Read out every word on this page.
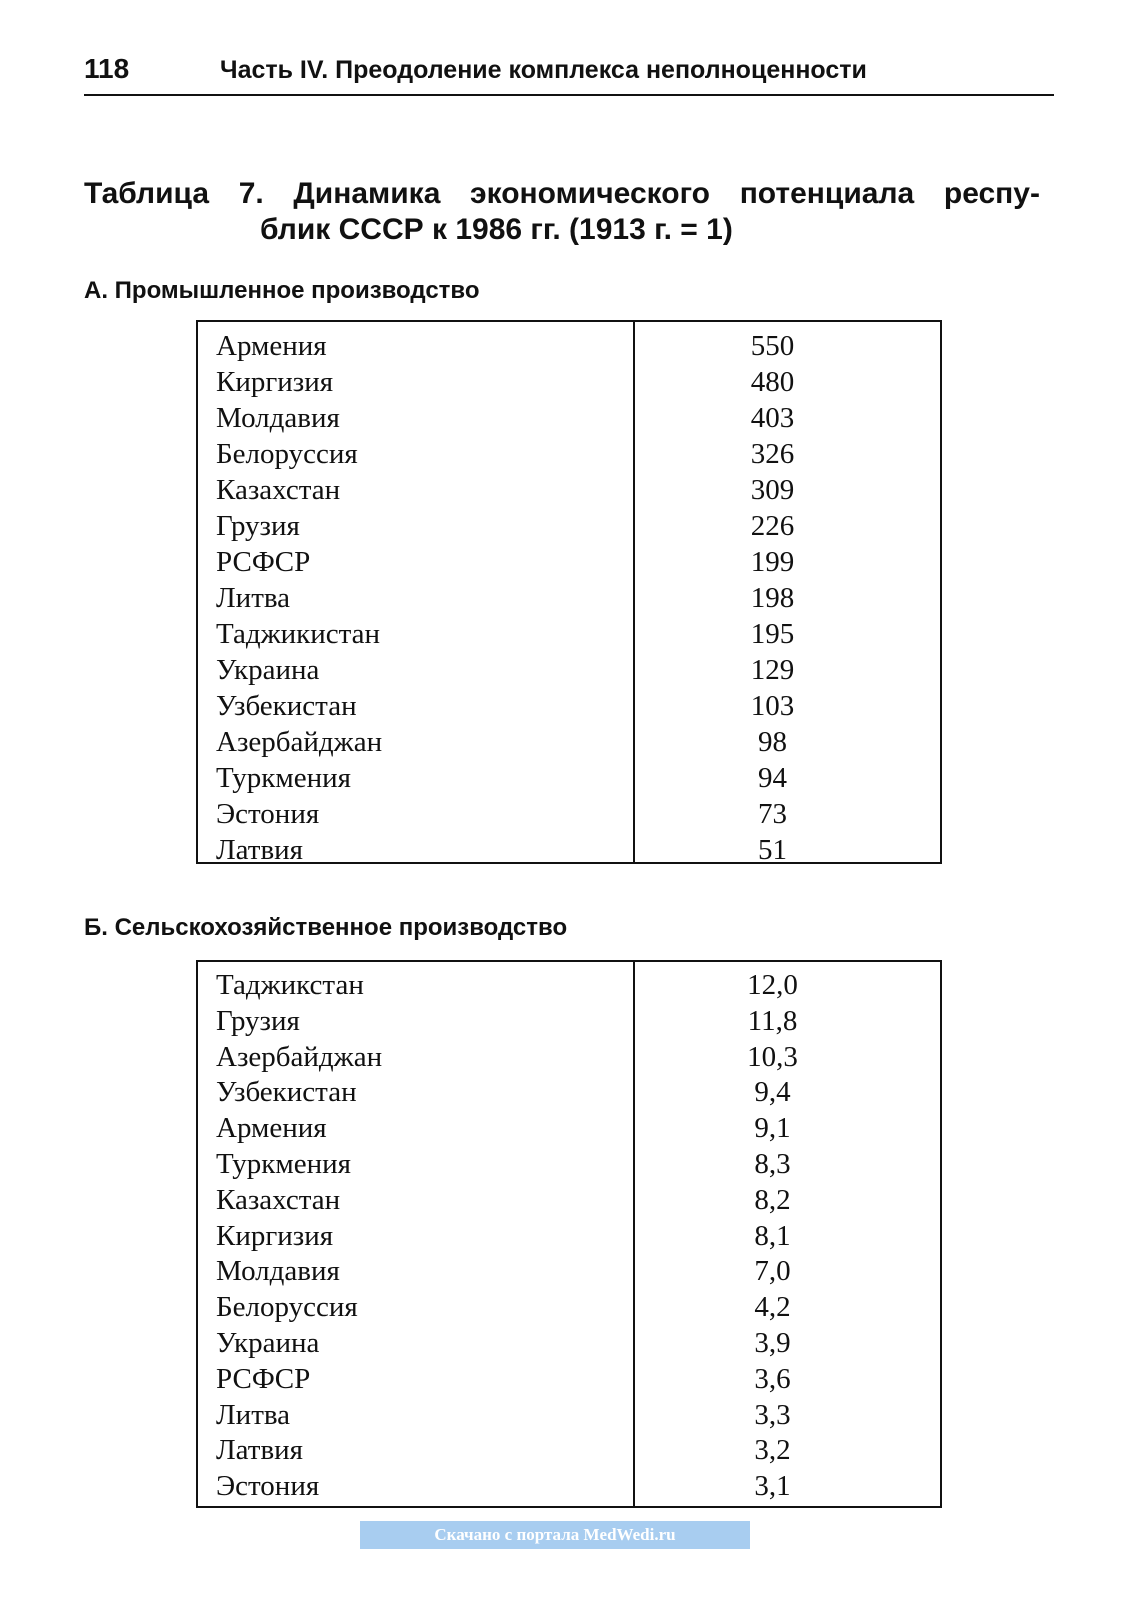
118	Часть IV. Преодоление комплекса неполноценности
Таблица 7. Динамика экономического потенциала респу-
блик СССР к 1986 гг. (1913 г. = 1)
А. Промышленное производство
Армения	550
Киргизия	480
Молдавия	403
Белоруссия	326
Казахстан	309
Грузия	226
РСФСР	199
Литва	198
Таджикистан	195
Украина	129
Узбекистан	103
Азербайджан	98
Туркмения	94
Эстония	73
Латвия	51
Б. Сельскохозяйственное производство
Таджикстан	12,0
Грузия	11,8
Азербайджан	10,3
Узбекистан	9,4
Армения	9,1
Туркмения	8,3
Казахстан	8,2
Киргизия	8,1
Молдавия	7,0
Белоруссия	4,2
Украина	3,9
РСФСР	3,6
Литва	3,3
Латвия	3,2
Эстония	3,1
Скачано с портала MedWedi.ru
